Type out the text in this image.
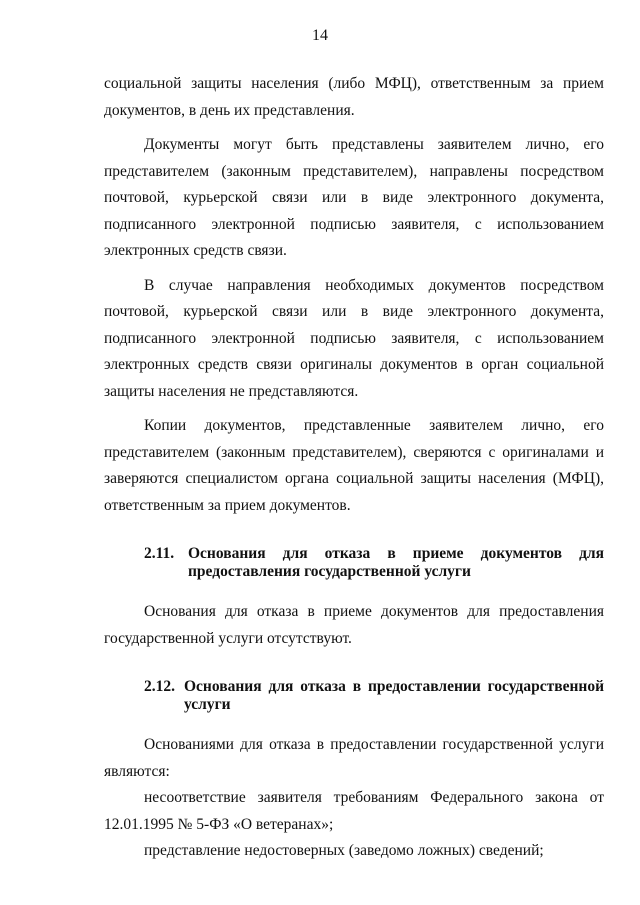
14

социальной защиты населения (либо МФЦ), ответственным за прием документов, в день их представления.

Документы могут быть представлены заявителем лично, его представителем (законным представителем), направлены посредством почтовой, курьерской связи или в виде электронного документа, подписанного электронной подписью заявителя, с использованием электронных средств связи.

В случае направления необходимых документов посредством почтовой, курьерской связи или в виде электронного документа, подписанного электронной подписью заявителя, с использованием электронных средств связи оригиналы документов в орган социальной защиты населения не представляются.

Копии документов, представленные заявителем лично, его представителем (законным представителем), сверяются с оригиналами и заверяются специалистом органа социальной защиты населения (МФЦ), ответственным за прием документов.

2.11. Основания для отказа в приеме документов для предоставления государственной услуги

Основания для отказа в приеме документов для предоставления государственной услуги отсутствуют.

2.12. Основания для отказа в предоставлении государственной услуги

Основаниями для отказа в предоставлении государственной услуги являются:

несоответствие заявителя требованиям Федерального закона от 12.01.1995 № 5-ФЗ «О ветеранах»;

представление недостоверных (заведомо ложных) сведений;
